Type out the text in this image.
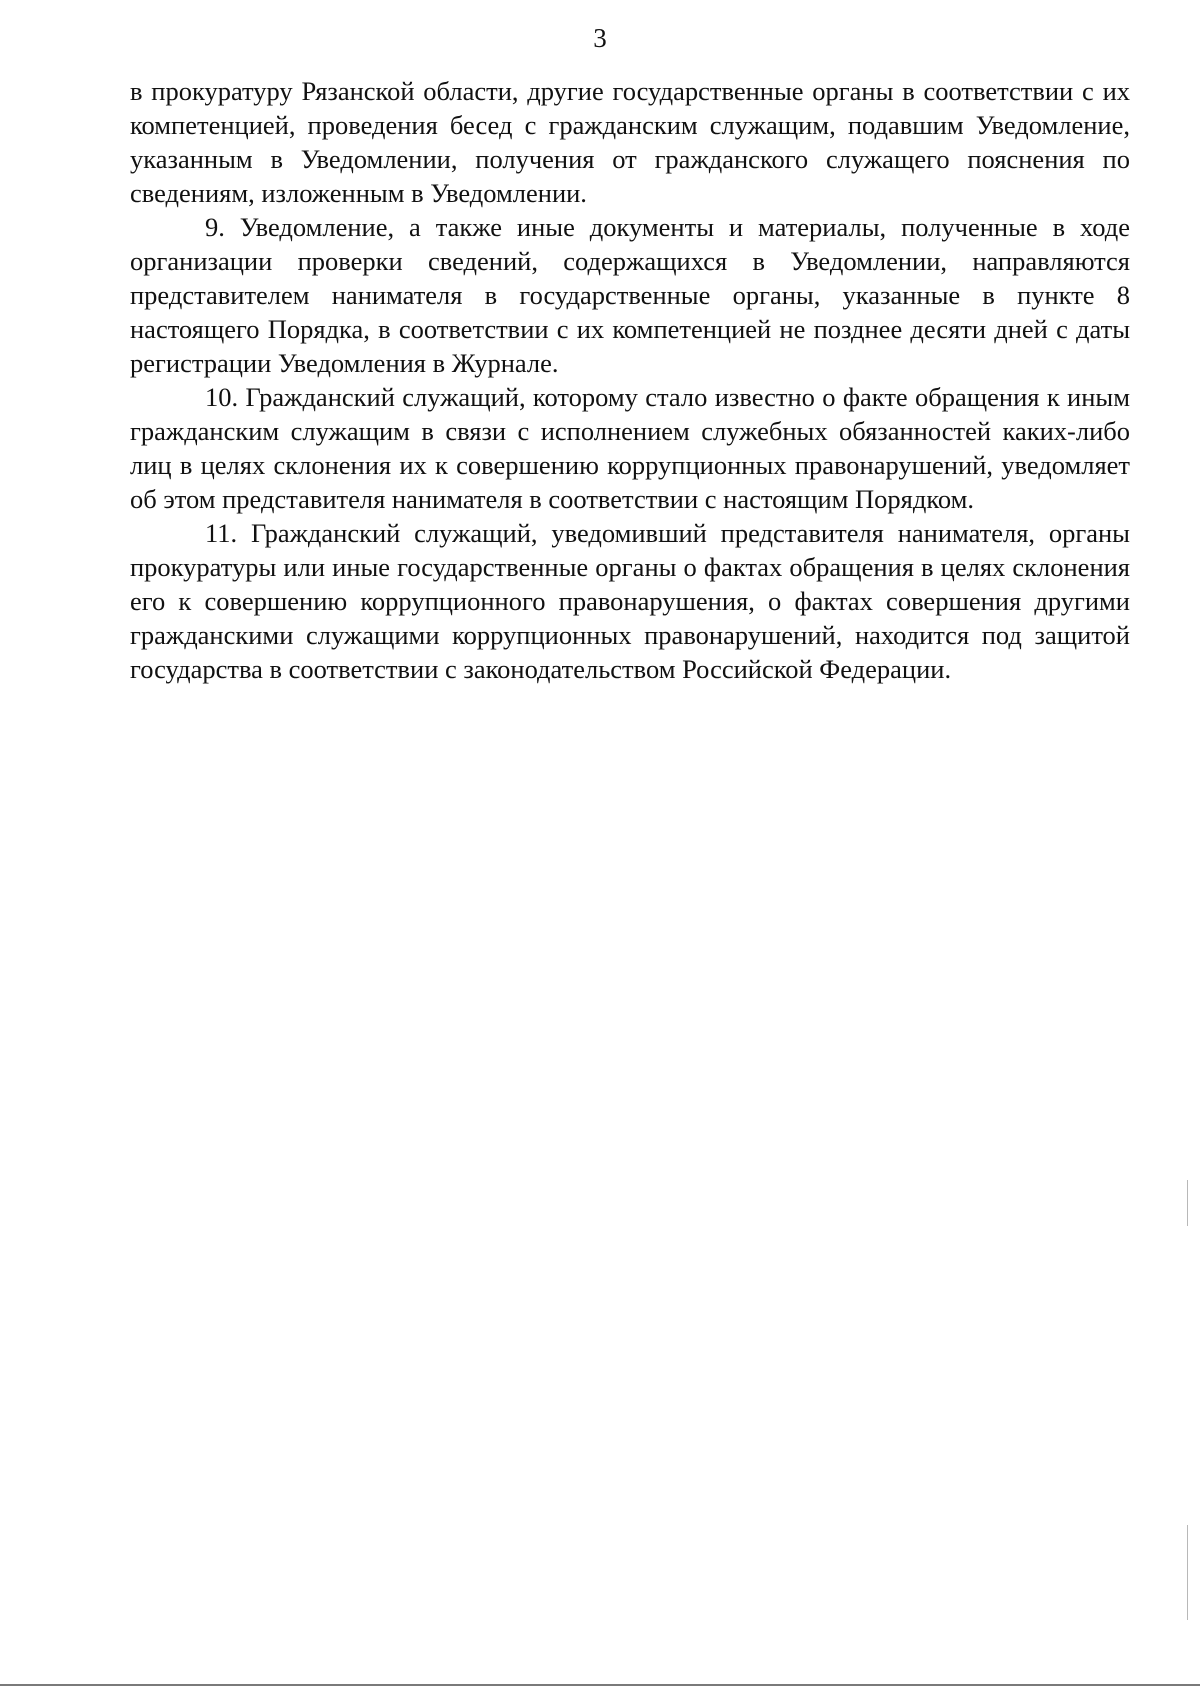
3

в прокуратуру Рязанской области, другие государственные органы в соответствии с их компетенцией, проведения бесед с гражданским служащим, подавшим Уведомление, указанным в Уведомлении, получения от гражданского служащего пояснения по сведениям, изложенным в Уведомлении.

9. Уведомление, а также иные документы и материалы, полученные в ходе организации проверки сведений, содержащихся в Уведомлении, направляются представителем нанимателя в государственные органы, указанные в пункте 8 настоящего Порядка, в соответствии с их компетенцией не позднее десяти дней с даты регистрации Уведомления в Журнале.

10. Гражданский служащий, которому стало известно о факте обращения к иным гражданским служащим в связи с исполнением служебных обязанностей каких-либо лиц в целях склонения их к совершению коррупционных правонарушений, уведомляет об этом представителя нанимателя в соответствии с настоящим Порядком.

11. Гражданский служащий, уведомивший представителя нанимателя, органы прокуратуры или иные государственные органы о фактах обращения в целях склонения его к совершению коррупционного правонарушения, о фактах совершения другими гражданскими служащими коррупционных правонарушений, находится под защитой государства в соответствии с законодательством Российской Федерации.
